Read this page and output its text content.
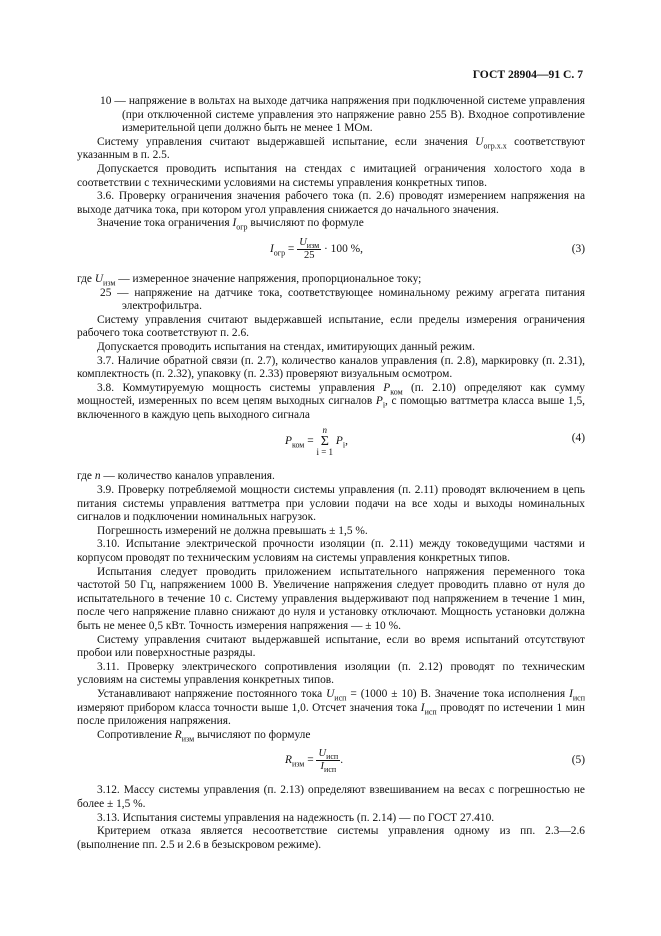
ГОСТ 28904—91 С. 7

10 — напряжение в вольтах на выходе датчика напряжения при подключенной системе управления (при отключенной системе управления это напряжение равно 255 В). Входное сопротивление измерительной цепи должно быть не менее 1 МОм.

Систему управления считают выдержавшей испытание, если значения $U_{огр.х.х}$ соответствуют указанным в п. 2.5.

Допускается проводить испытания на стендах с имитацией ограничения холостого хода в соответствии с техническими условиями на системы управления конкретных типов.

3.6. Проверку ограничения значения рабочего тока (п. 2.6) проводят измерением напряжения на выходе датчика тока, при котором угол управления снижается до начального значения.

Значение тока ограничения $I_{огр}$ вычисляют по формуле

$I_{огр} = \frac{U_{изм}}{25} \cdot 100$ %,	(3)

где $U_{изм}$ — измеренное значение напряжения, пропорциональное току;

25 — напряжение на датчике тока, соответствующее номинальному режиму агрегата питания электрофильтра.

Систему управления считают выдержавшей испытание, если пределы измерения ограничения рабочего тока соответствуют п. 2.6.

Допускается проводить испытания на стендах, имитирующих данный режим.

3.7. Наличие обратной связи (п. 2.7), количество каналов управления (п. 2.8), маркировку (п. 2.31), комплектность (п. 2.32), упаковку (п. 2.33) проверяют визуальным осмотром.

3.8. Коммутируемую мощность системы управления $P_{ком}$ (п. 2.10) определяют как сумму мощностей, измеренных по всем цепям выходных сигналов $P_i$, с помощью ваттметра класса выше 1,5, включенного в каждую цепь выходного сигнала

$P_{ком} = n$
Σ
i = 1 $P_i$,	(4)

где n — количество каналов управления.

3.9. Проверку потребляемой мощности системы управления (п. 2.11) проводят включением в цепь питания системы управления ваттметра при условии подачи на все ходы и выходы номинальных сигналов и подключении номинальных нагрузок.

Погрешность измерений не должна превышать ± 1,5 %.

3.10. Испытание электрической прочности изоляции (п. 2.11) между токоведущими частями и корпусом проводят по техническим условиям на системы управления конкретных типов.

Испытания следует проводить приложением испытательного напряжения переменного тока частотой 50 Гц, напряжением 1000 В. Увеличение напряжения следует проводить плавно от нуля до испытательного в течение 10 с. Систему управления выдерживают под напряжением в течение 1 мин, после чего напряжение плавно снижают до нуля и установку отключают. Мощность установки должна быть не менее 0,5 кВт. Точность измерения напряжения — ± 10 %.

Систему управления считают выдержавшей испытание, если во время испытаний отсутствуют пробои или поверхностные разряды.

3.11. Проверку электрического сопротивления изоляции (п. 2.12) проводят по техническим условиям на системы управления конкретных типов.

Устанавливают напряжение постоянного тока $U_{исп} = (1000 \pm 10)$ В. Значение тока исполнения $I_{исп}$ измеряют прибором класса точности выше 1,0. Отсчет значения тока $I_{исп}$ проводят по истечении 1 мин после приложения напряжения.

Сопротивление $R_{изм}$ вычисляют по формуле

$R_{изм} = \frac{U_{исп}}{I_{исп}}$ .	(5)

3.12. Массу системы управления (п. 2.13) определяют взвешиванием на весах с погрешностью не более ± 1,5 %.

3.13. Испытания системы управления на надежность (п. 2.14) — по ГОСТ 27.410.

Критерием отказа является несоответствие системы управления одному из пп. 2.3—2.6 (выполнение пп. 2.5 и 2.6 в безыскровом режиме).
